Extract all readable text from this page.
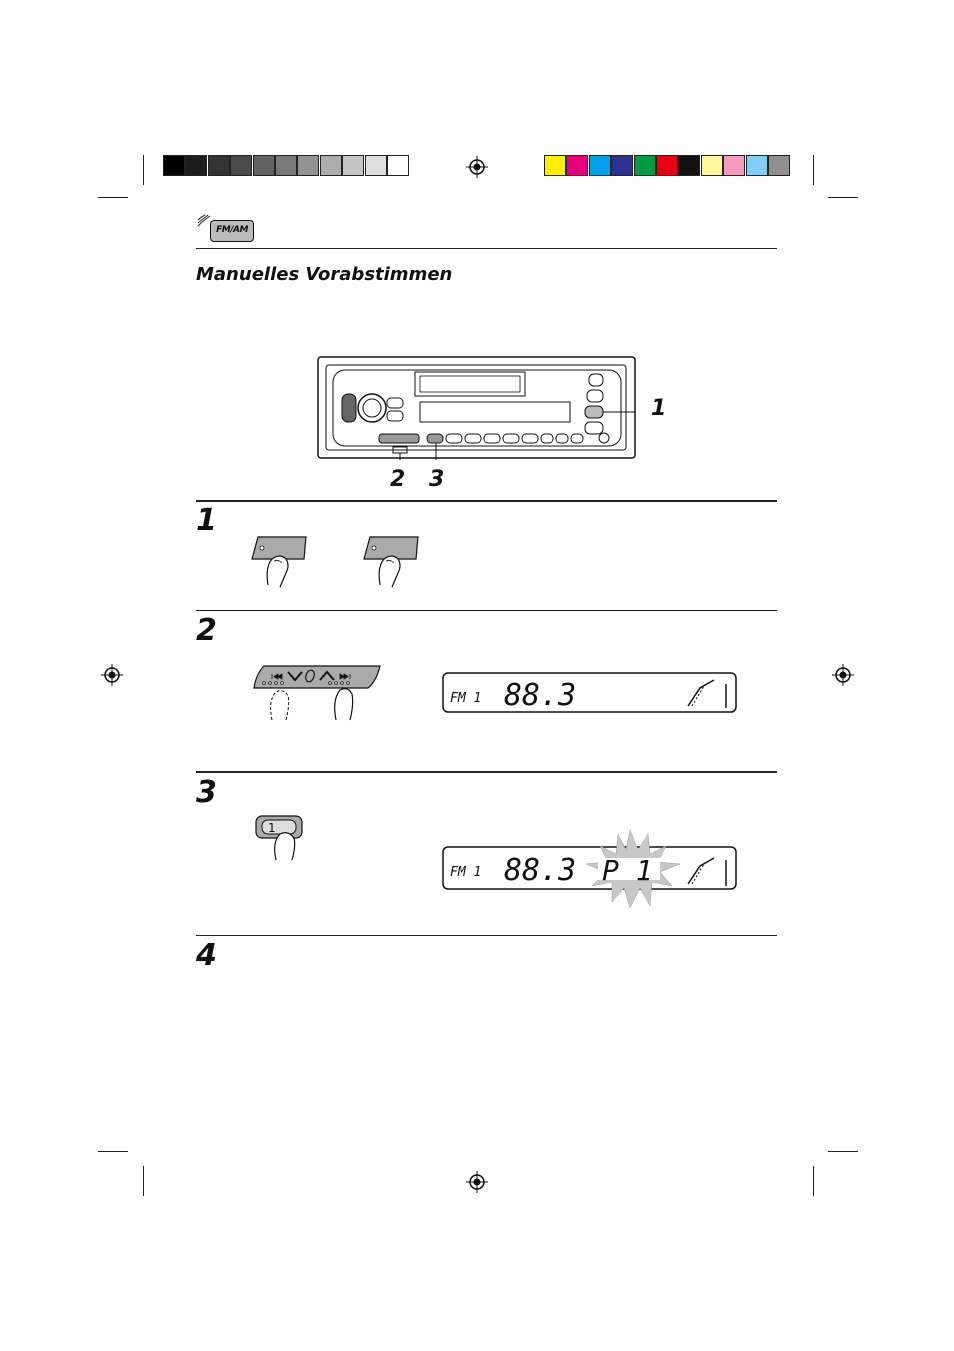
FM/AM
Manuelles Vorabstimmen
1
2 3
1
2
3
4
FM 1 88.3
1
FM 1 88.3 P 1
